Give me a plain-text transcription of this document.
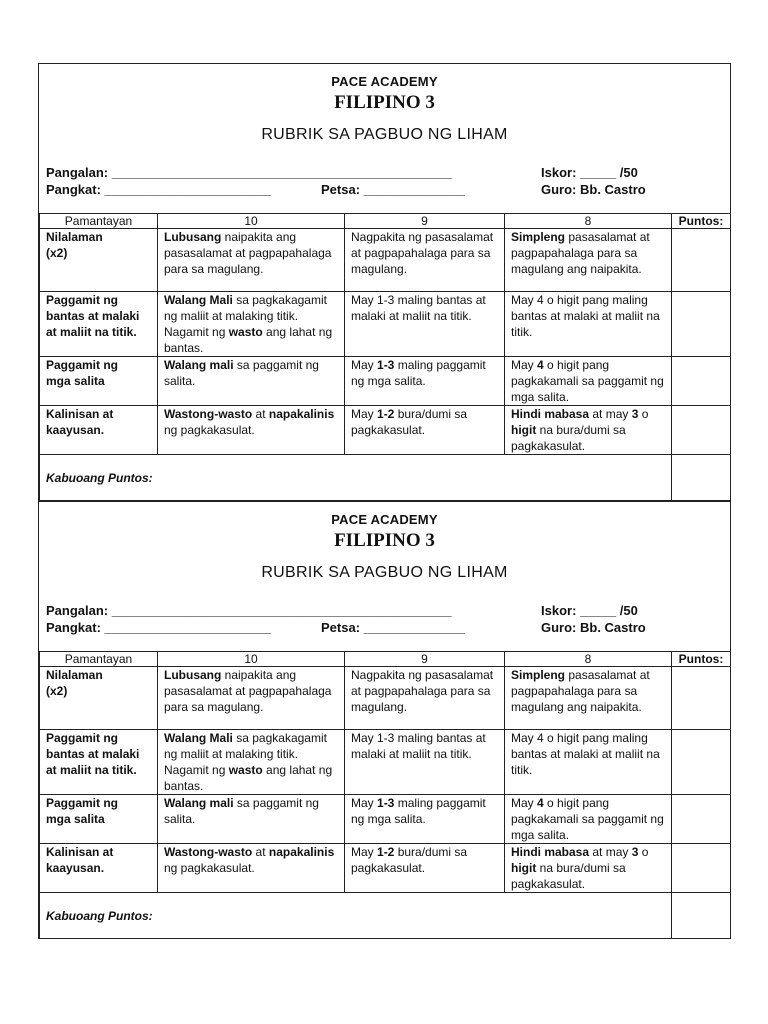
PACE ACADEMY
FILIPINO 3
RUBRIK SA PAGBUO NG LIHAM
Pangalan: _______________________________________________	Iskor: _____ /50
Pangkat: _______________________	Petsa: ______________	Guro: Bb. Castro
Pamantayan	10	9	8	Puntos:

Nilalaman
(x2)	Lubusang naipakita ang pasasalamat at pagpapahalaga para sa magulang.	Nagpakita ng pasasalamat at pagpapahalaga para sa magulang.	Simpleng pasasalamat at pagpapahalaga para sa magulang ang naipakita.	

Paggamit ng
bantas at malaki
at maliit na titik.	Walang Mali sa pagkakagamit ng maliit at malaking titik. Nagamit ng wasto ang lahat ng bantas.	May 1-3 maling bantas at malaki at maliit na titik.	May 4 o higit pang maling bantas at malaki at maliit na titik.	

Paggamit ng
mga salita	Walang mali sa paggamit ng salita.	May 1-3 maling paggamit ng mga salita.	May 4 o higit pang pagkakamali sa paggamit ng mga salita.	

Kalinisan at
kaayusan.	Wastong-wasto at napakalinis ng pagkakasulat.	May 1-2 bura/dumi sa pagkakasulat.	Hindi mabasa at may 3 o higit na bura/dumi sa pagkakasulat.	
Kabuoang Puntos:				
PACE ACADEMY
FILIPINO 3
RUBRIK SA PAGBUO NG LIHAM
Pangalan: _______________________________________________	Iskor: _____ /50
Pangkat: _______________________	Petsa: ______________	Guro: Bb. Castro
Pamantayan	10	9	8	Puntos:

Nilalaman
(x2)	Lubusang naipakita ang pasasalamat at pagpapahalaga para sa magulang.	Nagpakita ng pasasalamat at pagpapahalaga para sa magulang.	Simpleng pasasalamat at pagpapahalaga para sa magulang ang naipakita.	

Paggamit ng
bantas at malaki
at maliit na titik.	Walang Mali sa pagkakagamit ng maliit at malaking titik. Nagamit ng wasto ang lahat ng bantas.	May 1-3 maling bantas at malaki at maliit na titik.	May 4 o higit pang maling bantas at malaki at maliit na titik.	

Paggamit ng
mga salita	Walang mali sa paggamit ng salita.	May 1-3 maling paggamit ng mga salita.	May 4 o higit pang pagkakamali sa paggamit ng mga salita.	

Kalinisan at
kaayusan.	Wastong-wasto at napakalinis ng pagkakasulat.	May 1-2 bura/dumi sa pagkakasulat.	Hindi mabasa at may 3 o higit na bura/dumi sa pagkakasulat.	
Kabuoang Puntos:				
